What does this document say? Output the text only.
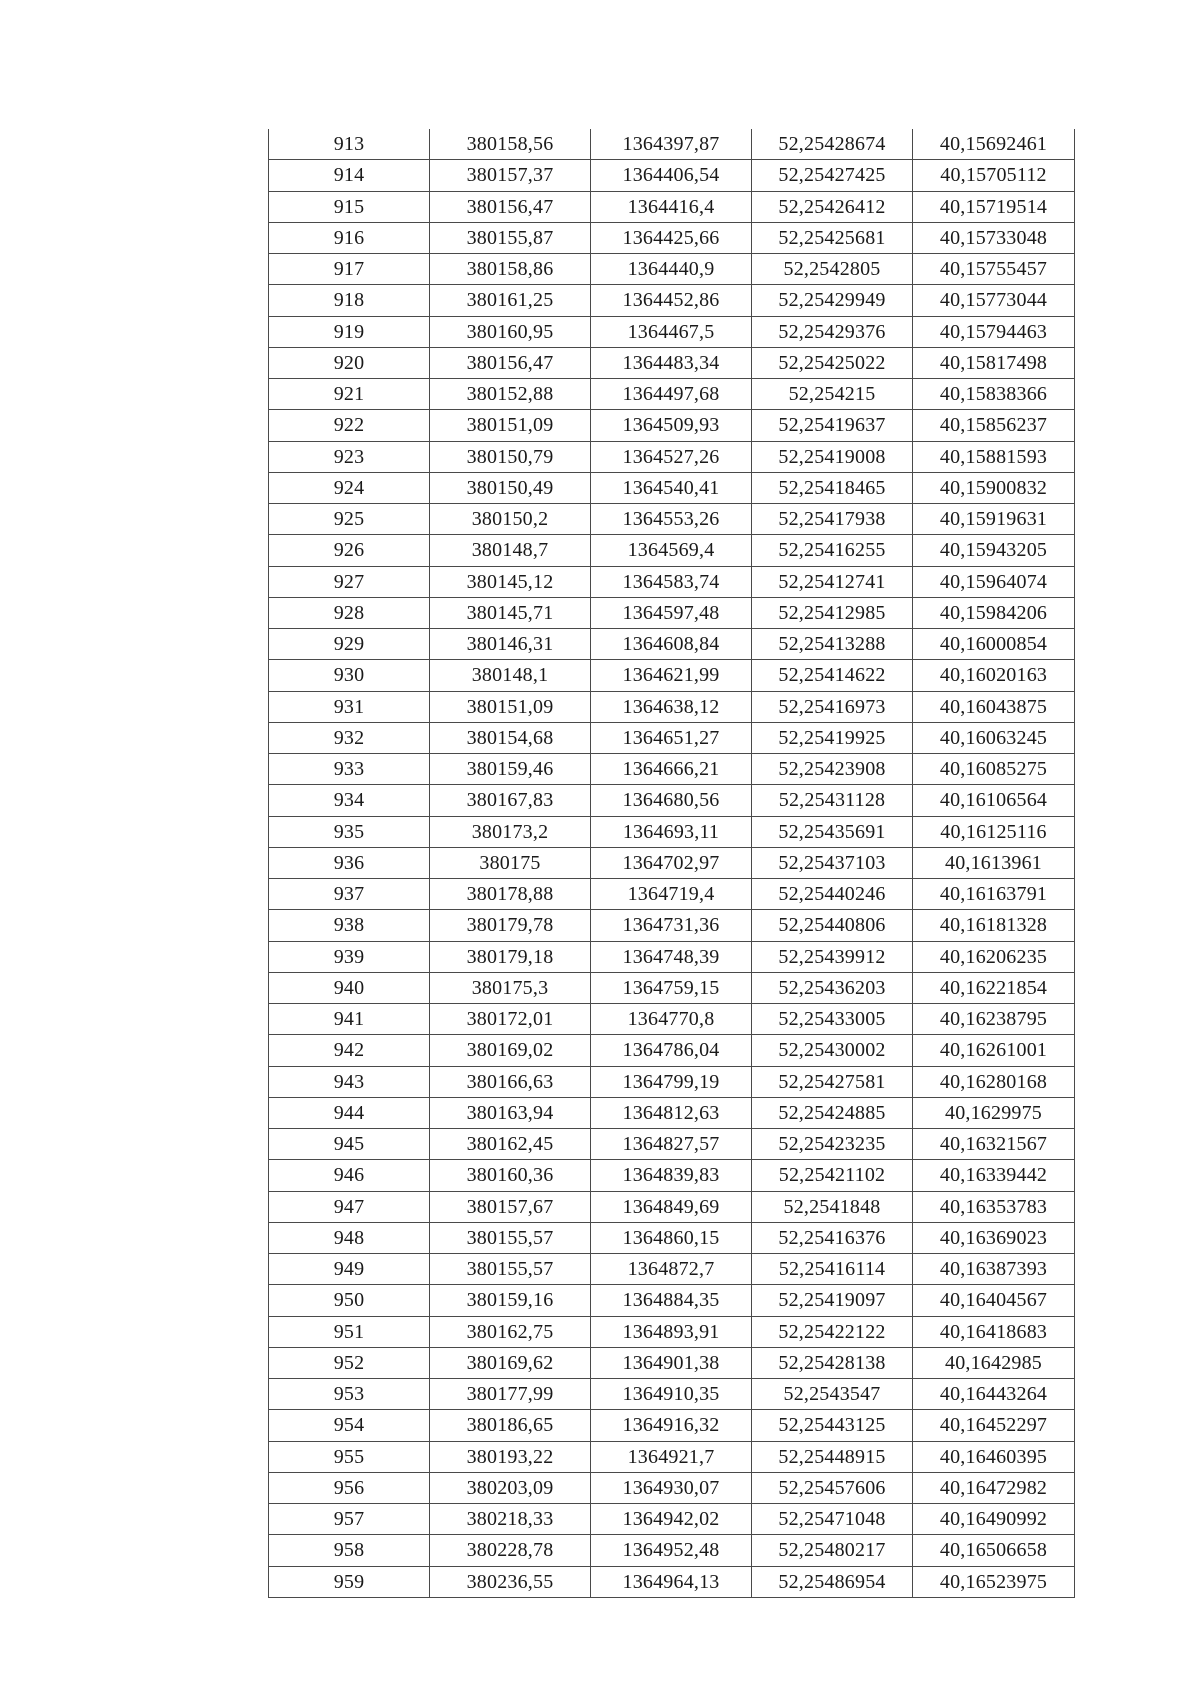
913	380158,56	1364397,87	52,25428674	40,15692461
914	380157,37	1364406,54	52,25427425	40,15705112
915	380156,47	1364416,4	52,25426412	40,15719514
916	380155,87	1364425,66	52,25425681	40,15733048
917	380158,86	1364440,9	52,2542805	40,15755457
918	380161,25	1364452,86	52,25429949	40,15773044
919	380160,95	1364467,5	52,25429376	40,15794463
920	380156,47	1364483,34	52,25425022	40,15817498
921	380152,88	1364497,68	52,254215	40,15838366
922	380151,09	1364509,93	52,25419637	40,15856237
923	380150,79	1364527,26	52,25419008	40,15881593
924	380150,49	1364540,41	52,25418465	40,15900832
925	380150,2	1364553,26	52,25417938	40,15919631
926	380148,7	1364569,4	52,25416255	40,15943205
927	380145,12	1364583,74	52,25412741	40,15964074
928	380145,71	1364597,48	52,25412985	40,15984206
929	380146,31	1364608,84	52,25413288	40,16000854
930	380148,1	1364621,99	52,25414622	40,16020163
931	380151,09	1364638,12	52,25416973	40,16043875
932	380154,68	1364651,27	52,25419925	40,16063245
933	380159,46	1364666,21	52,25423908	40,16085275
934	380167,83	1364680,56	52,25431128	40,16106564
935	380173,2	1364693,11	52,25435691	40,16125116
936	380175	1364702,97	52,25437103	40,1613961
937	380178,88	1364719,4	52,25440246	40,16163791
938	380179,78	1364731,36	52,25440806	40,16181328
939	380179,18	1364748,39	52,25439912	40,16206235
940	380175,3	1364759,15	52,25436203	40,16221854
941	380172,01	1364770,8	52,25433005	40,16238795
942	380169,02	1364786,04	52,25430002	40,16261001
943	380166,63	1364799,19	52,25427581	40,16280168
944	380163,94	1364812,63	52,25424885	40,1629975
945	380162,45	1364827,57	52,25423235	40,16321567
946	380160,36	1364839,83	52,25421102	40,16339442
947	380157,67	1364849,69	52,2541848	40,16353783
948	380155,57	1364860,15	52,25416376	40,16369023
949	380155,57	1364872,7	52,25416114	40,16387393
950	380159,16	1364884,35	52,25419097	40,16404567
951	380162,75	1364893,91	52,25422122	40,16418683
952	380169,62	1364901,38	52,25428138	40,1642985
953	380177,99	1364910,35	52,2543547	40,16443264
954	380186,65	1364916,32	52,25443125	40,16452297
955	380193,22	1364921,7	52,25448915	40,16460395
956	380203,09	1364930,07	52,25457606	40,16472982
957	380218,33	1364942,02	52,25471048	40,16490992
958	380228,78	1364952,48	52,25480217	40,16506658
959	380236,55	1364964,13	52,25486954	40,16523975
